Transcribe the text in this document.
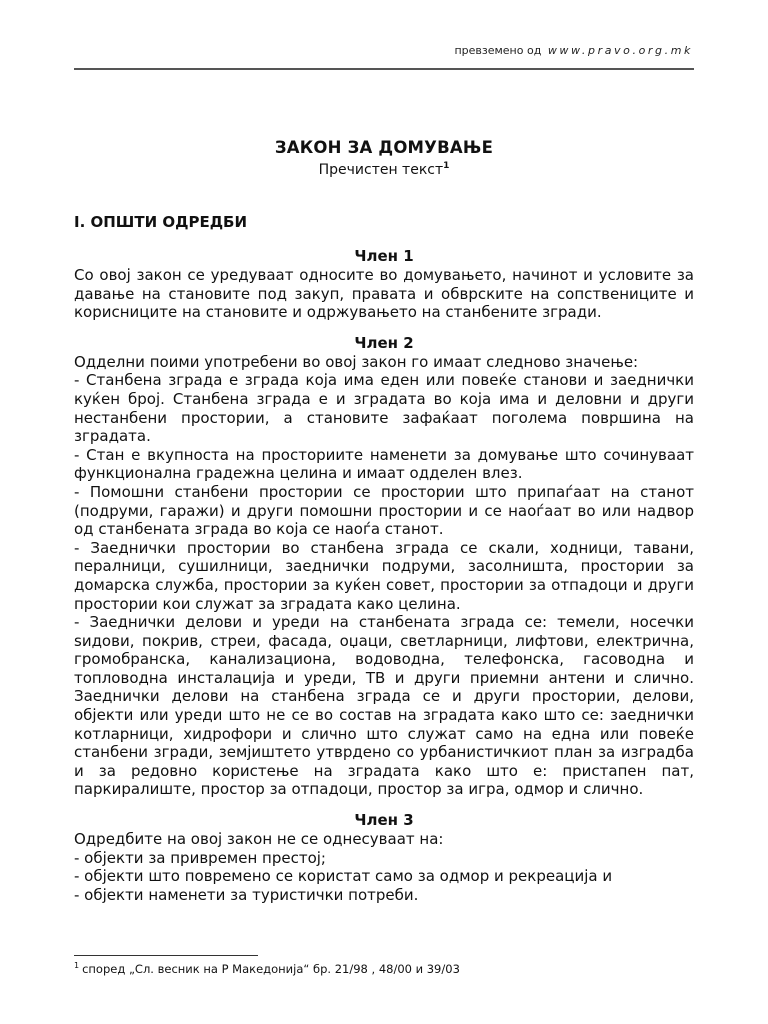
превземено од www.pravo.org.mk
ЗАКОН ЗА ДОМУВАЊЕ
Пречистен текст$^1$
I. ОПШТИ ОДРЕДБИ
Член 1

Со овој закон се уредуваат односите во домувањето, начинот и условите за давање на становите под закуп, правата и обврските на сопствениците и корисниците на становите и одржувањето на станбените згради.

Член 2

Одделни поими употребени во овој закон го имаат следново значење:

- Станбена зграда е зграда која има еден или повеќе станови и заеднички куќен број. Станбена зграда е и зградата во која има и деловни и други нестанбени простории, а становите зафаќаат поголема површина на зградата.

- Стан е вкупноста на просториите наменети за домување што сочинуваат функционална градежна целина и имаат одделен влез.

- Помошни станбени простории се простории што припаѓаат на станот (подруми, гаражи) и други помошни простории и се наоѓаат во или надвор од станбената зграда во која се наоѓа станот.

- Заеднички простории во станбена зграда се скали, ходници, тавани, пералници, сушилници, заеднички подруми, засолништа, простории за домарска служба, простории за куќен совет, простории за отпадоци и други простории кои служат за зградата како целина.

- Заеднички делови и уреди на станбената зграда се: темели, носечки ѕидови, покрив, стреи, фасада, оџаци, светларници, лифтови, електрична, громобранска, канализациона, водоводна, телефонска, гасоводна и топловодна инсталација и уреди, ТВ и други приемни антени и слично. Заеднички делови на станбена зграда се и други простории, делови, објекти или уреди што не се во состав на зградата како што се: заеднички котларници, хидрофори и слично што служат само на една или повеќе станбени згради, земјиштето утврдено со урбанистичкиот план за изградба и за редовно користење на зградата како што е: пристапен пат, паркиралиште, простор за отпадоци, простор за игра, одмор и слично.

Член 3

Одредбите на овој закон не се однесуваат на:

- објекти за привремен престој;

- објекти што повремено се користат само за одмор и рекреација и

- објекти наменети за туристички потреби.

$^1$ според „Сл. весник на Р Македонија“ бр. 21/98 , 48/00 и 39/03
